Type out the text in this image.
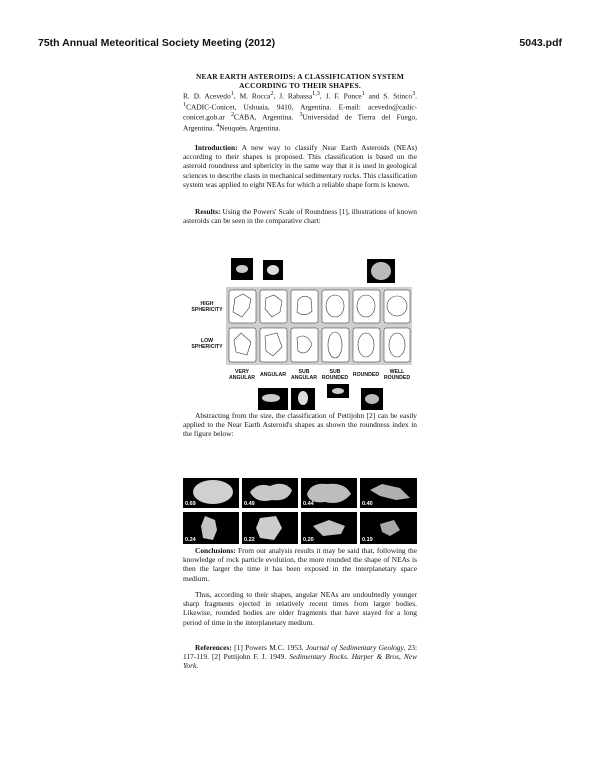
75th Annual Meteoritical Society Meeting (2012)	5043.pdf
NEAR EARTH ASTEROIDS: A CLASSIFICATION SYSTEM ACCORDING TO THEIR SHAPES.
R. D. Acevedo$^1$, M. Rocca$^2$, J. Rabassa$^{1,3}$, J. F. Ponce$^1$ and S. Stinco$^3$. $^1$CADIC-Conicet, Ushuaia, 9410, Argentina. E-mail: acevedo@cadic-conicet.gob.ar $^2$CABA, Argentina. $^3$Universidad de Tierra del Fuego, Argentina. $^4$Neuquén, Argentina.
Introduction: A new way to classify Near Earth Asteroids (NEAs) according to their shapes is proposed. This classification is based on the asteroid roundness and sphericity in the same way that it is used in geological sciences to describe clasts in mechanical sedimentary rocks. This classification system was applied to eight NEAs for which a reliable shape form is known.
Results: Using the Powers' Scale of Roundness [1], illustrations of known asteroids can be seen in the comparative chart:
HIGH SPHERICITY
LOW SPHERICITY
VERY ANGULAR ANGULAR	SUB ANGULAR
SUB ROUNDED ROUNDED	WELL ROUNDED
Abstracting from the size, the classification of Pettijohn [2] can be easily applied to the Near Earth Asteroid's shapes as shown the roundness index in the figure below:
0.69	0.49	0.44	0.40
0.24	0.22	0.20	0.19
Conclusions: From our analysis results it may be said that, following the knowledge of rock particle evolution, the more rounded the shape of NEAs is then the larger the time it has been exposed in the interplanetary space medium.
Thus, according to their shapes, angular NEAs are undoubtedly younger sharp fragments ejected in relatively recent times from larger bodies. Likewise, rounded bodies are older fragments that have stayed for a long period of time in the interplanetary medium.
References: [1] Powers M.C. 1953. Journal of Sedimentary Geology, 23: 117-119. [2] Pettijohn F. J. 1949. Sedimentary Rocks. Harper & Bros, New York.
